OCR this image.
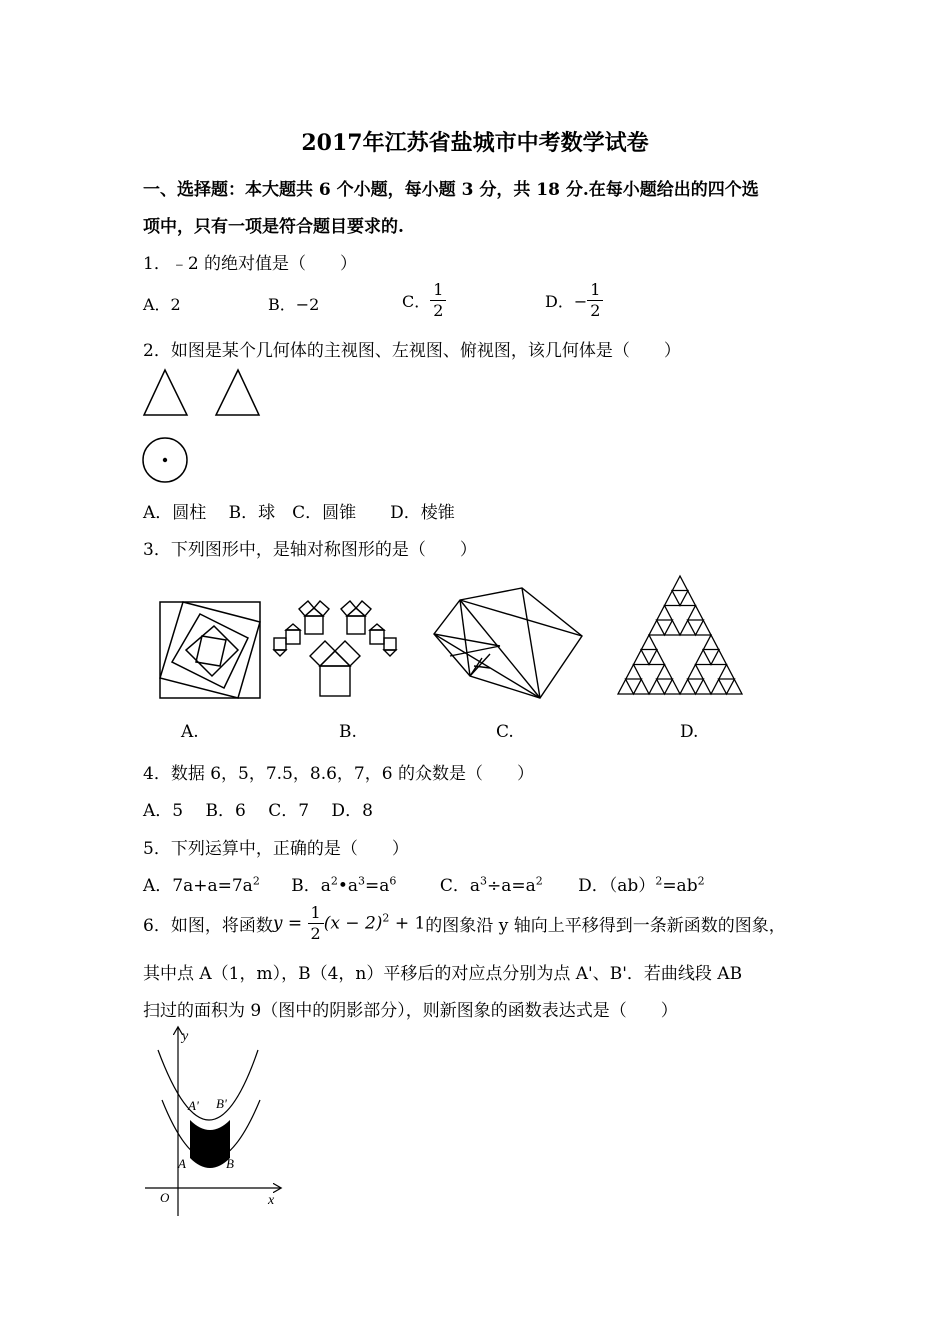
2017年江苏省盐城市中考数学试卷
一、选择题：本大题共 6 个小题，每小题 3 分，共 18 分.在每小题给出的四个选
项中，只有一项是符合题目要求的.
1．﹣2 的绝对值是（　　）
A．2	B．−2	C． $\frac{1}{2}$	D．− $\frac{1}{2}$
2．如图是某个几何体的主视图、左视图、俯视图，该几何体是（　　）
A．圆柱　 B．球　C．圆锥　　D．棱锥
3．下列图形中，是轴对称图形的是（　　）
A.	B.	C.	D.
4．数据 6，5，7.5，8.6，7，6 的众数是（　　）
A．5　 B．6　 C．7　 D．8
5．下列运算中，正确的是（　　）
A．$7a+a=7a^2$ B．$a^2•a^3=a^6$	C．$a^3\div a=a^2$ D．$(ab)^2=ab^2$
6．如图，将函数$y = \frac{1}{2} (x - 2)^2 + 1$的图象沿 y 轴向上平移得到一条新函数的图象，
其中点 A（1，m），B（4，n）平移后的对应点分别为点 A'、B'．若曲线段 AB
扫过的面积为 9（图中的阴影部分），则新图象的函数表达式是（　　）
y
x
O
A	B
A' B'
